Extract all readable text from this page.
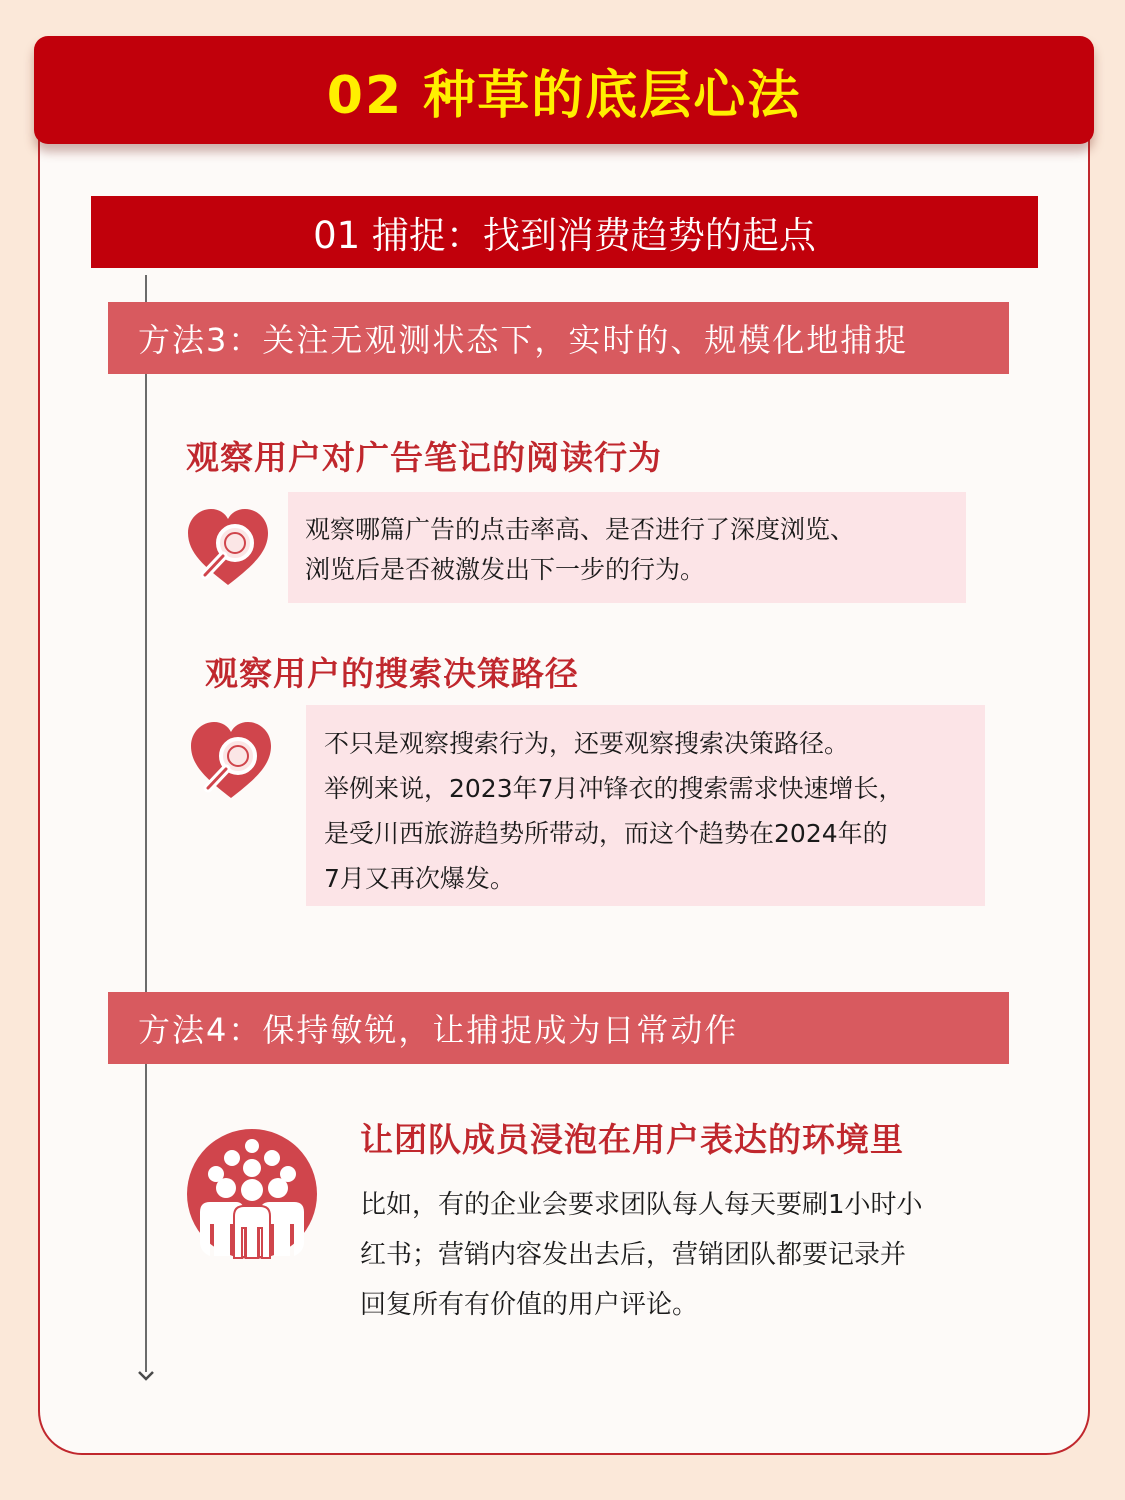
02 种草的底层心法
01 捕捉：找到消费趋势的起点
方法3：关注无观测状态下，实时的、规模化地捕捉
观察用户对广告笔记的阅读行为

观察哪篇广告的点击率高、是否进行了深度浏览、

浏览后是否被激发出下一步的行为。

观察用户的搜索决策路径

不只是观察搜索行为，还要观察搜索决策路径。

举例来说，2023年7月冲锋衣的搜索需求快速增长，

是受川西旅游趋势所带动，而这个趋势在2024年的

7月又再次爆发。

方法4：保持敏锐，让捕捉成为日常动作
让团队成员浸泡在用户表达的环境里

比如，有的企业会要求团队每人每天要刷1小时小

红书；营销内容发出去后，营销团队都要记录并

回复所有有价值的用户评论。
